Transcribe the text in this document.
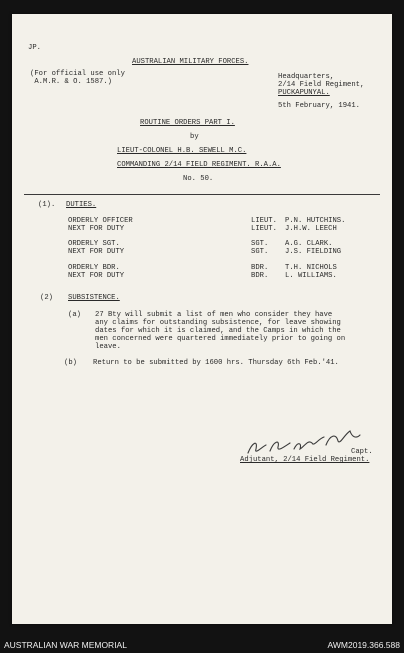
JP.
AUSTRALIAN MILITARY FORCES.
(For official use only
A.M.R. & O. 1587.)
Headquarters,
2/14 Field Regiment,
PUCKAPUNYAL.
5th February, 1941.
ROUTINE ORDERS PART I.
by
LIEUT-COLONEL H.B. SEWELL M.C.
COMMANDING 2/14 FIELD REGIMENT. R.A.A.
No. 50.
(1). DUTIES.
ORDERLY OFFICER	LIEUT. P.N. HUTCHINS.
NEXT FOR DUTY	LIEUT. J.H.W. LEECH
ORDERLY SGT.	SGT. A.G. CLARK.
NEXT FOR DUTY	SGT. J.S. FIELDING
ORDERLY BDR.	BDR. T.H. NICHOLS
NEXT FOR DUTY	BDR. L. WILLIAMS.
(2) SUBSISTENCE.
(a) 27 Bty will submit a list of men who consider they have
any claims for outstanding subsistence, for leave showing
dates for which it is claimed, and the Camps in which the
men concerned were quartered immediately prior to going on
leave.
(b) Return to be submitted by 1600 hrs. Thursday 6th Feb.'41.
Capt.
Adjutant, 2/14 Field Regiment.
AUSTRALIAN WAR MEMORIAL	AWM2019.366.588
